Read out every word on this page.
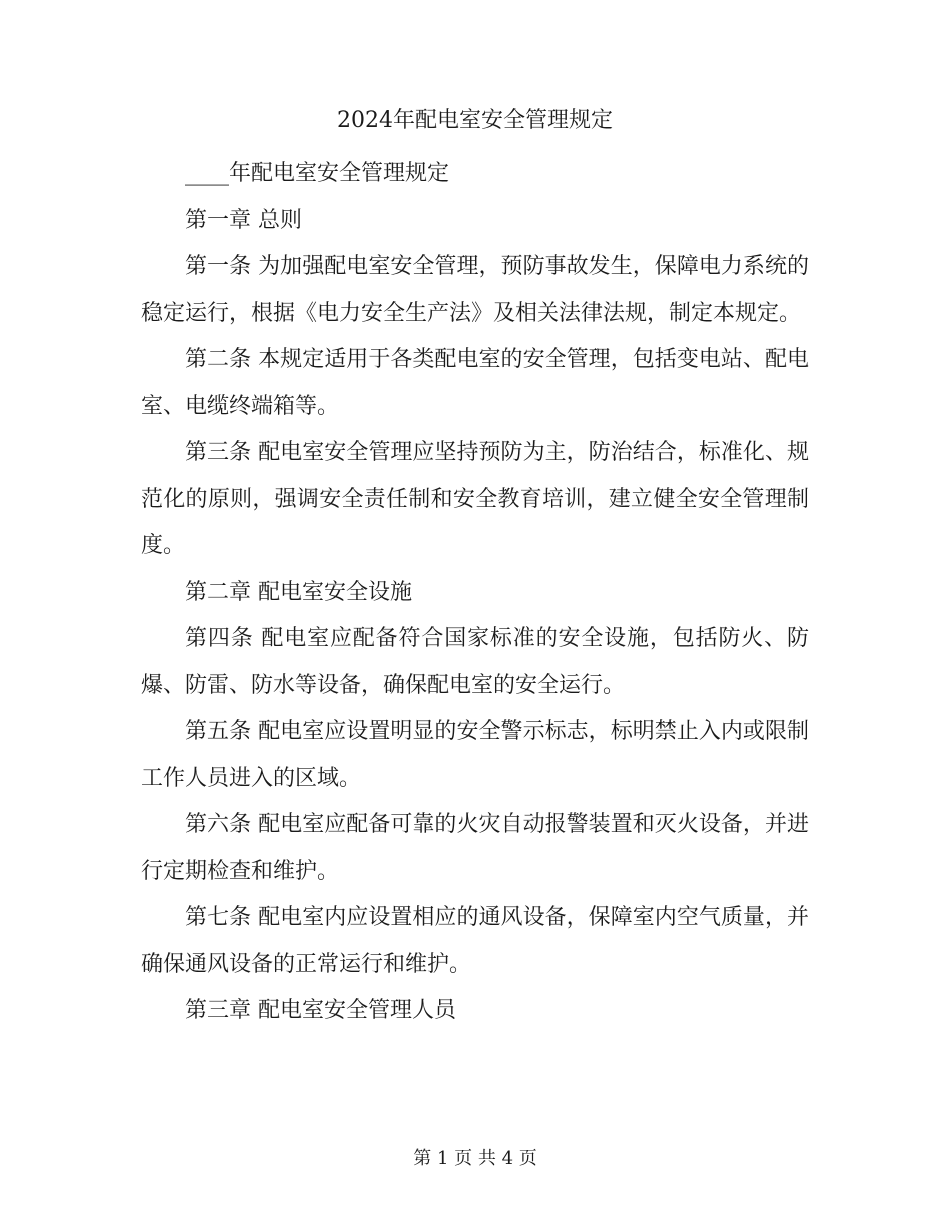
2024年配电室安全管理规定

____年配电室安全管理规定

第一章 总则

第一条 为加强配电室安全管理，预防事故发生，保障电力系统的稳定运行，根据《电力安全生产法》及相关法律法规，制定本规定。

第二条 本规定适用于各类配电室的安全管理，包括变电站、配电室、电缆终端箱等。

第三条 配电室安全管理应坚持预防为主，防治结合，标准化、规范化的原则，强调安全责任制和安全教育培训，建立健全安全管理制度。

第二章 配电室安全设施

第四条 配电室应配备符合国家标准的安全设施，包括防火、防爆、防雷、防水等设备，确保配电室的安全运行。

第五条 配电室应设置明显的安全警示标志，标明禁止入内或限制工作人员进入的区域。

第六条 配电室应配备可靠的火灾自动报警装置和灭火设备，并进行定期检查和维护。

第七条 配电室内应设置相应的通风设备，保障室内空气质量，并确保通风设备的正常运行和维护。

第三章 配电室安全管理人员

第 1 页 共 4 页
